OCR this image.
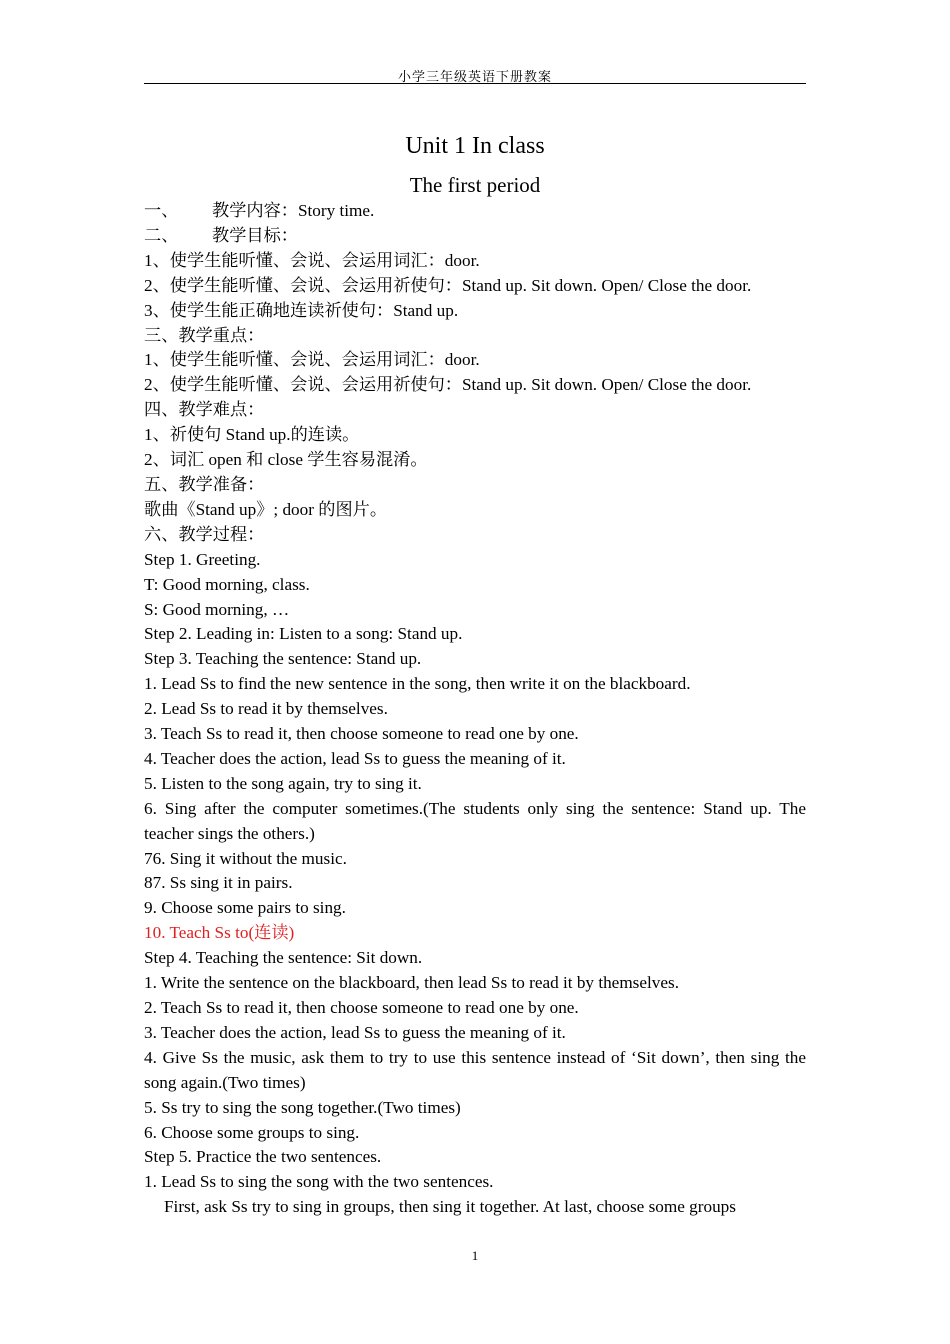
小学三年级英语下册教案
Unit 1 In class
The first period
一、 教学内容：Story time.
二、 教学目标：
1、使学生能听懂、会说、会运用词汇：door.
2、使学生能听懂、会说、会运用祈使句：Stand up. Sit down. Open/ Close the door.
3、使学生能正确地连读祈使句：Stand up.
三、教学重点：
1、使学生能听懂、会说、会运用词汇：door.
2、使学生能听懂、会说、会运用祈使句：Stand up. Sit down. Open/ Close the door.
四、教学难点：
1、祈使句 Stand up.的连读。
2、词汇 open 和 close 学生容易混淆。
五、教学准备：
歌曲《Stand up》; door 的图片。
六、教学过程：
Step 1. Greeting.
T: Good morning, class.
S: Good morning, …
Step 2. Leading in: Listen to a song: Stand up.
Step 3. Teaching the sentence: Stand up.
1. Lead Ss to find the new sentence in the song, then write it on the blackboard.
2. Lead Ss to read it by themselves.
3. Teach Ss to read it, then choose someone to read one by one.
4. Teacher does the action, lead Ss to guess the meaning of it.
5. Listen to the song again, try to sing it.
6. Sing after the computer sometimes.(The students only sing the sentence: Stand up. The teacher sings the others.)
76. Sing it without the music.
87. Ss sing it in pairs.
9. Choose some pairs to sing.
10. Teach Ss to(连读)
Step 4. Teaching the sentence: Sit down.
1. Write the sentence on the blackboard, then lead Ss to read it by themselves.
2. Teach Ss to read it, then choose someone to read one by one.
3. Teacher does the action, lead Ss to guess the meaning of it.
4. Give Ss the music, ask them to try to use this sentence instead of ‘Sit down’, then sing the song again.(Two times)
5. Ss try to sing the song together.(Two times)
6. Choose some groups to sing.
Step 5. Practice the two sentences.
1. Lead Ss to sing the song with the two sentences.
First, ask Ss try to sing in groups, then sing it together. At last, choose some groups
1
